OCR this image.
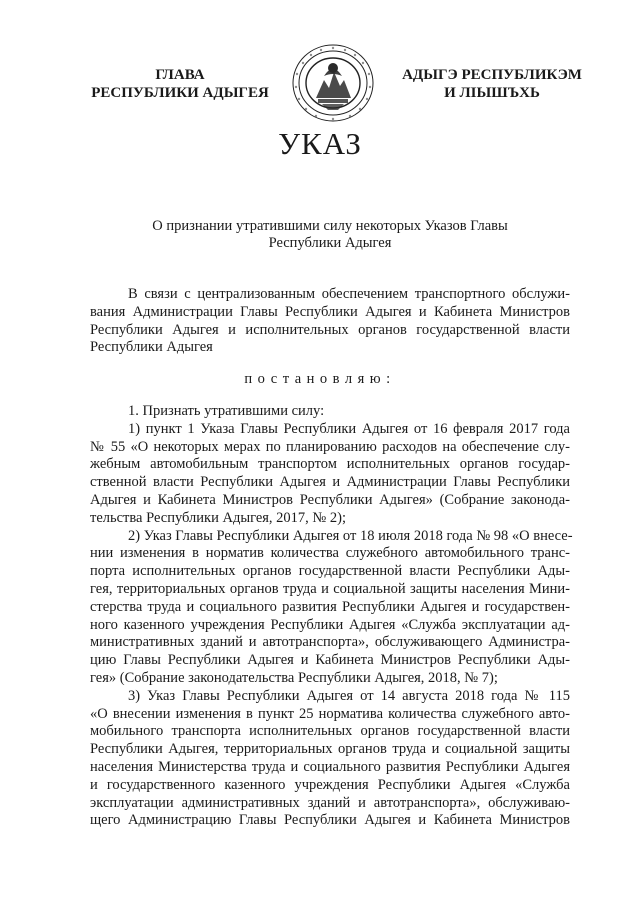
ГЛАВА
РЕСПУБЛИКИ АДЫГЕЯ
АДЫГЭ РЕСПУБЛИКЭМ
И ЛІЫШЪХЬ
УКАЗ
О признании утратившими силу некоторых Указов Главы
Республики Адыгея
В связи с централизованным обеспечением транспортного обслужи-
вания Администрации Главы Республики Адыгея и Кабинета Министров
Республики Адыгея и исполнительных органов государственной власти
Республики Адыгея
постановляю:
1. Признать утратившими силу:
1) пункт 1 Указа Главы Республики Адыгея от 16 февраля 2017 года
№ 55 «О некоторых мерах по планированию расходов на обеспечение слу-
жебным автомобильным транспортом исполнительных органов государ-
ственной власти Республики Адыгея и Администрации Главы Республики
Адыгея и Кабинета Министров Республики Адыгея» (Собрание законода-
тельства Республики Адыгея, 2017, № 2);
2) Указ Главы Республики Адыгея от 18 июля 2018 года № 98 «О внесе-
нии изменения в норматив количества служебного автомобильного транс-
порта исполнительных органов государственной власти Республики Ады-
гея, территориальных органов труда и социальной защиты населения Мини-
стерства труда и социального развития Республики Адыгея и государствен-
ного казенного учреждения Республики Адыгея «Служба эксплуатации ад-
министративных зданий и автотранспорта», обслуживающего Администра-
цию Главы Республики Адыгея и Кабинета Министров Республики Ады-
гея» (Собрание законодательства Республики Адыгея, 2018, № 7);
3) Указ Главы Республики Адыгея от 14 августа 2018 года № 115
«О внесении изменения в пункт 25 норматива количества служебного авто-
мобильного транспорта исполнительных органов государственной власти
Республики Адыгея, территориальных органов труда и социальной защиты
населения Министерства труда и социального развития Республики Адыгея
и государственного казенного учреждения Республики Адыгея «Служба
эксплуатации административных зданий и автотранспорта», обслуживаю-
щего Администрацию Главы Республики Адыгея и Кабинета Министров
